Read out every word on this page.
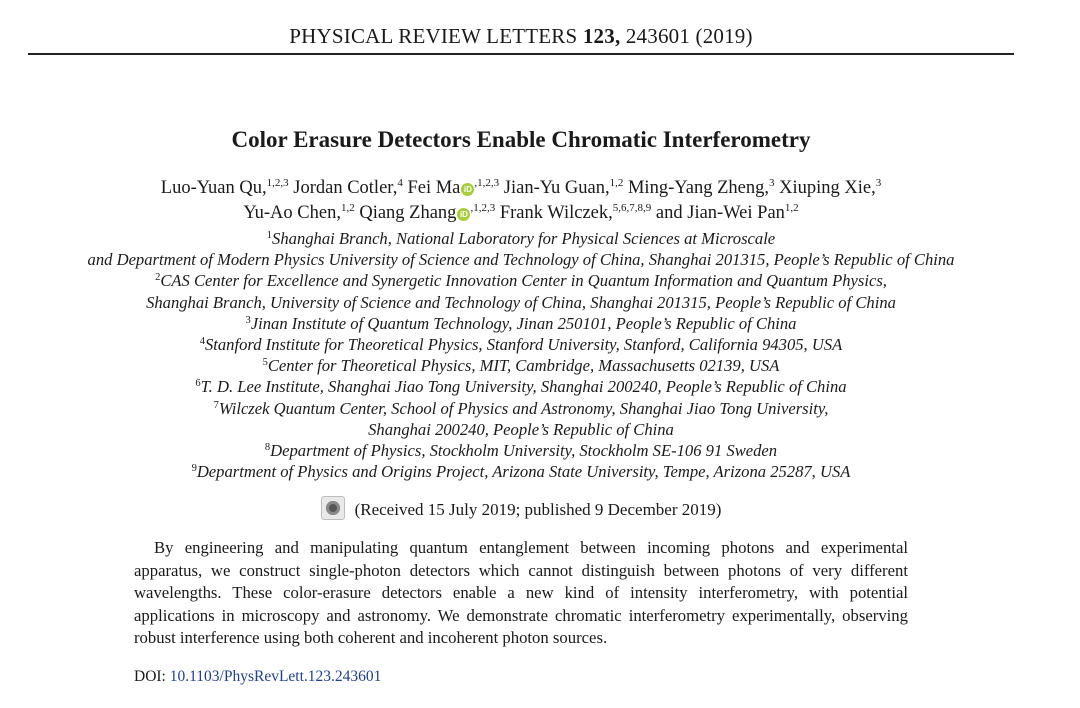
PHYSICAL REVIEW LETTERS 123, 243601 (2019)
Color Erasure Detectors Enable Chromatic Interferometry
Luo-Yuan Qu,$^{1,2,3}$ Jordan Cotler,$^4$ Fei Ma $iD^{,1,2,3}$ Jian-Yu Guan,$^{1,2}$ Ming-Yang Zheng,$^3$ Xiuping Xie,$^3$
Yu-Ao Chen,$^{1,2}$ Qiang Zhang $iD^{,1,2,3}$ Frank Wilczek,$^{5,6,7,8,9}$ and Jian-Wei Pan$^{1,2}$
$^1$Shanghai Branch, National Laboratory for Physical Sciences at Microscale
and Department of Modern Physics University of Science and Technology of China, Shanghai 201315, People’s Republic of China
$^2$CAS Center for Excellence and Synergetic Innovation Center in Quantum Information and Quantum Physics,
Shanghai Branch, University of Science and Technology of China, Shanghai 201315, People’s Republic of China
$^3$Jinan Institute of Quantum Technology, Jinan 250101, People’s Republic of China
$^4$Stanford Institute for Theoretical Physics, Stanford University, Stanford, California 94305, USA
$^5$Center for Theoretical Physics, MIT, Cambridge, Massachusetts 02139, USA
$^6$T. D. Lee Institute, Shanghai Jiao Tong University, Shanghai 200240, People’s Republic of China
$^7$Wilczek Quantum Center, School of Physics and Astronomy, Shanghai Jiao Tong University,
Shanghai 200240, People’s Republic of China
$^8$Department of Physics, Stockholm University, Stockholm SE-106 91 Sweden
$^9$Department of Physics and Origins Project, Arizona State University, Tempe, Arizona 25287, USA
(Received 15 July 2019; published 9 December 2019)

By engineering and manipulating quantum entanglement between incoming photons and experimental apparatus, we construct single-photon detectors which cannot distinguish between photons of very different wavelengths. These color-erasure detectors enable a new kind of intensity interferometry, with potential applications in microscopy and astronomy. We demonstrate chromatic interferometry experimentally, observing robust interference using both coherent and incoherent photon sources.

DOI: 10.1103/PhysRevLett.123.243601
